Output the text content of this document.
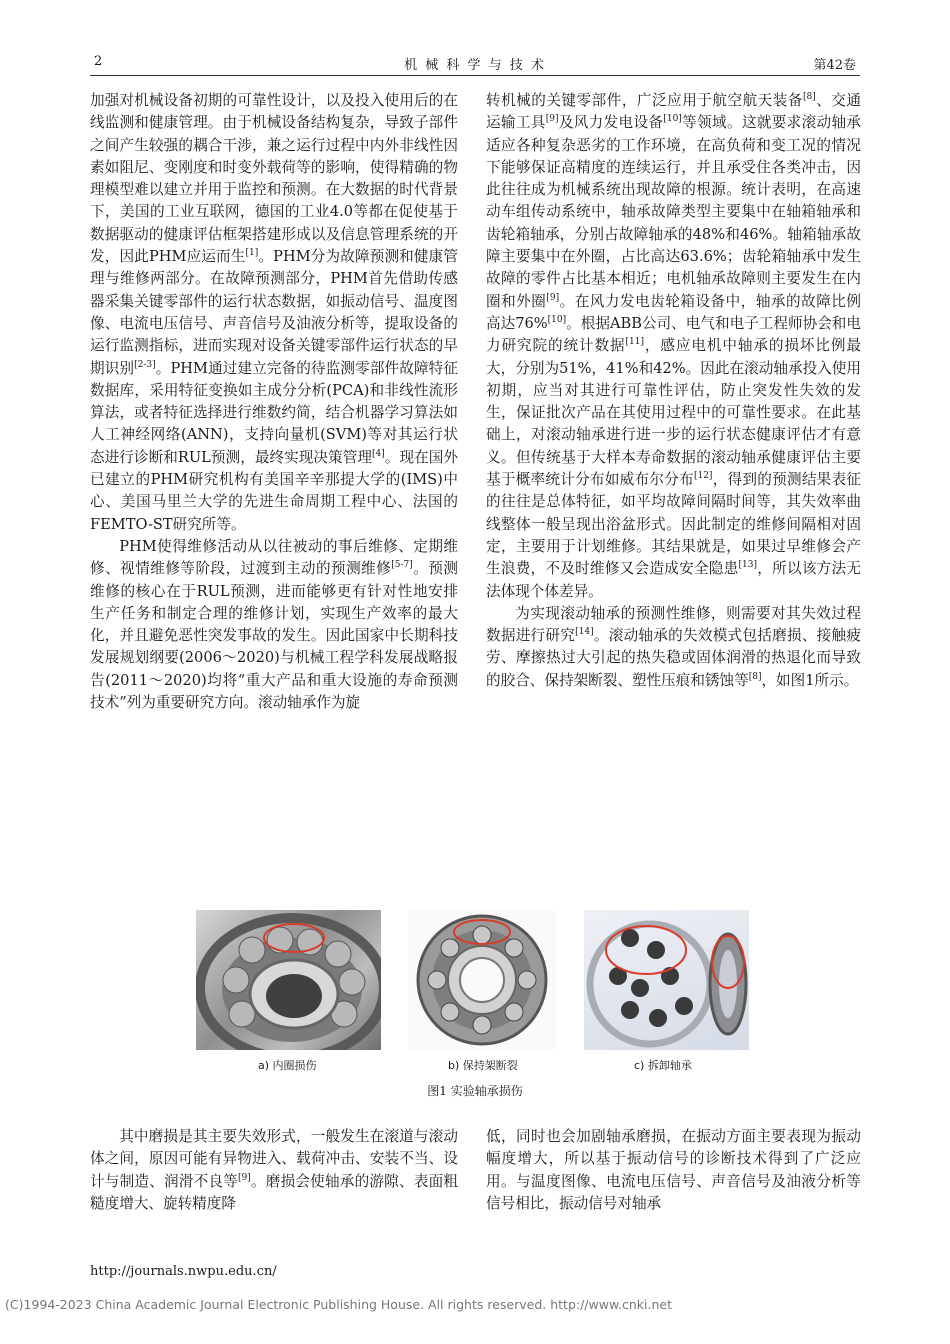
2	机 械 科 学 与 技 术	第42卷

加强对机械设备初期的可靠性设计，以及投入使用后的在线监测和健康管理。由于机械设备结构复杂，导致子部件之间产生较强的耦合干涉，兼之运行过程中内外非线性因素如阻尼、变刚度和时变外载荷等的影响，使得精确的物理模型难以建立并用于监控和预测。在大数据的时代背景下，美国的工业互联网，德国的工业4.0等都在促使基于数据驱动的健康评估框架搭建形成以及信息管理系统的开发，因此PHM应运而生[1]。PHM分为故障预测和健康管理与维修两部分。在故障预测部分，PHM首先借助传感器采集关键零部件的运行状态数据，如振动信号、温度图像、电流电压信号、声音信号及油液分析等，提取设备的运行监测指标，进而实现对设备关键零部件运行状态的早期识别[2-3]。PHM通过建立完备的待监测零部件故障特征数据库，采用特征变换如主成分分析(PCA)和非线性流形算法，或者特征选择进行维数约简，结合机器学习算法如人工神经网络(ANN)，支持向量机(SVM)等对其运行状态进行诊断和RUL预测，最终实现决策管理[4]。现在国外已建立的PHM研究机构有美国辛辛那提大学的(IMS)中心、美国马里兰大学的先进生命周期工程中心、法国的FEMTO-ST研究所等。

PHM使得维修活动从以往被动的事后维修、定期维修、视情维修等阶段，过渡到主动的预测维修[5-7]。预测维修的核心在于RUL预测，进而能够更有针对性地安排生产任务和制定合理的维修计划，实现生产效率的最大化，并且避免恶性突发事故的发生。因此国家中长期科技发展规划纲要(2006～2020)与机械工程学科发展战略报告(2011～2020)均将“重大产品和重大设施的寿命预测技术”列为重要研究方向。滚动轴承作为旋

转机械的关键零部件，广泛应用于航空航天装备[8]、交通运输工具[9]及风力发电设备[10]等领域。这就要求滚动轴承适应各种复杂恶劣的工作环境，在高负荷和变工况的情况下能够保证高精度的连续运行，并且承受住各类冲击，因此往往成为机械系统出现故障的根源。统计表明，在高速动车组传动系统中，轴承故障类型主要集中在轴箱轴承和齿轮箱轴承，分别占故障轴承的48%和46%。轴箱轴承故障主要集中在外圈，占比高达63.6%；齿轮箱轴承中发生故障的零件占比基本相近；电机轴承故障则主要发生在内圈和外圈[9]。在风力发电齿轮箱设备中，轴承的故障比例高达76%[10]。根据ABB公司、电气和电子工程师协会和电力研究院的统计数据[11]，感应电机中轴承的损坏比例最大，分别为51%，41%和42%。因此在滚动轴承投入使用初期，应当对其进行可靠性评估，防止突发性失效的发生，保证批次产品在其使用过程中的可靠性要求。在此基础上，对滚动轴承进行进一步的运行状态健康评估才有意义。但传统基于大样本寿命数据的滚动轴承健康评估主要基于概率统计分布如威布尔分布[12]，得到的预测结果表征的往往是总体特征，如平均故障间隔时间等，其失效率曲线整体一般呈现出浴盆形式。因此制定的维修间隔相对固定，主要用于计划维修。其结果就是，如果过早维修会产生浪费，不及时维修又会造成安全隐患[13]，所以该方法无法体现个体差异。

为实现滚动轴承的预测性维修，则需要对其失效过程数据进行研究[14]。滚动轴承的失效模式包括磨损、接触疲劳、摩擦热过大引起的热失稳或固体润滑的热退化而导致的胶合、保持架断裂、塑性压痕和锈蚀等[8]，如图1所示。

a) 内圈损伤	b) 保持架断裂	c) 拆卸轴承
图1 实验轴承损伤

其中磨损是其主要失效形式，一般发生在滚道与滚动体之间，原因可能有异物进入、载荷冲击、安装不当、设计与制造、润滑不良等[9]。磨损会使轴承的游隙、表面粗糙度增大、旋转精度降

低，同时也会加剧轴承磨损，在振动方面主要表现为振动幅度增大，所以基于振动信号的诊断技术得到了广泛应用。与温度图像、电流电压信号、声音信号及油液分析等信号相比，振动信号对轴承

http://journals.nwpu.edu.cn/
(C)1994-2023 China Academic Journal Electronic Publishing House. All rights reserved. http://www.cnki.net
